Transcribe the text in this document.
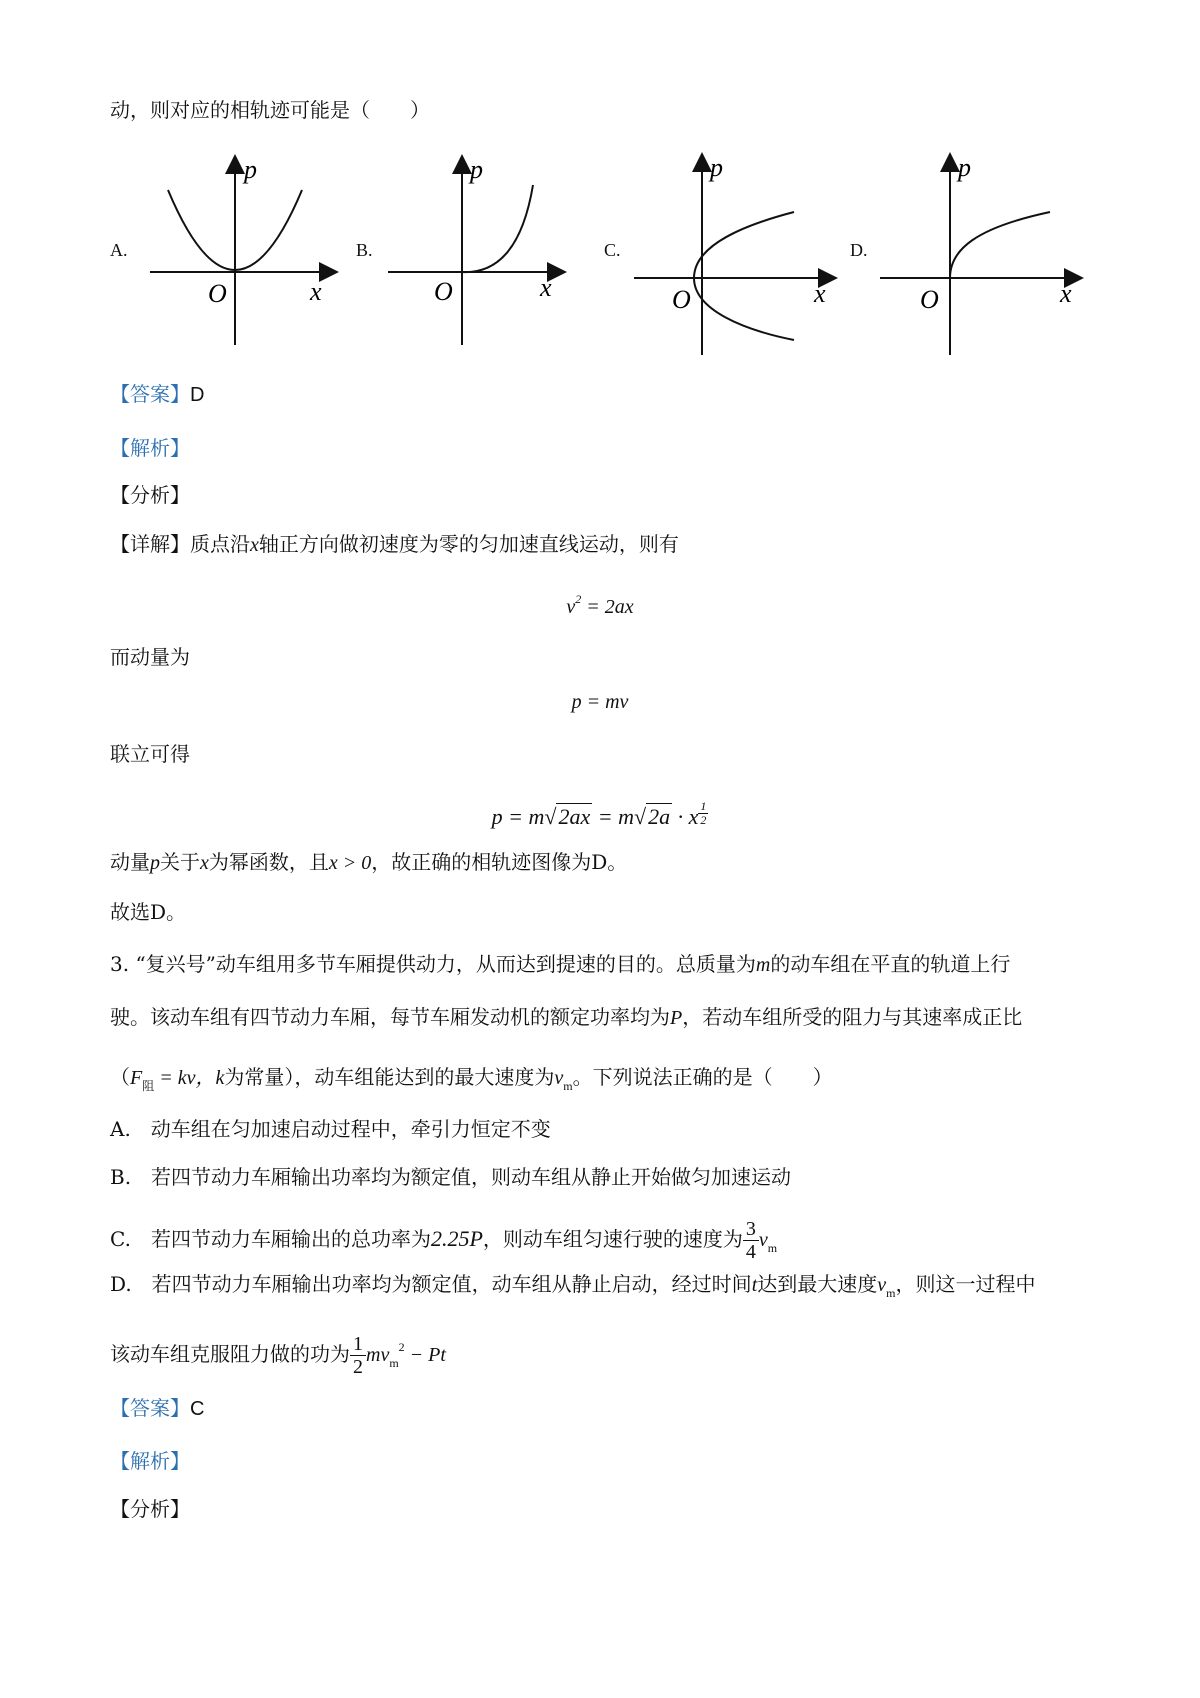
动，则对应的相轨迹可能是（　　）
A.	B.	C.	D.
p
x
O
p
x
O
p
x
O
p
x
O
【答案】D
【解析】
【分析】
【详解】质点沿x轴正方向做初速度为零的匀加速直线运动，则有
$v^2 = 2ax$
而动量为
p = mv
联立可得
p = m√2ax = m√2a · x $\frac{1}{2}$
动量p关于x为幂函数，且x > 0，故正确的相轨迹图像为D。
故选D。
3. “复兴号”动车组用多节车厢提供动力，从而达到提速的目的。总质量为m的动车组在平直的轨道上行
驶。该动车组有四节动力车厢，每节车厢发动机的额定功率均为P，若动车组所受的阻力与其速率成正比
（$F_阻$ = kv，k为常量），动车组能达到的最大速度为$v_m$。下列说法正确的是（　　）
A.　动车组在匀加速启动过程中，牵引力恒定不变
B.　若四节动力车厢输出功率均为额定值，则动车组从静止开始做匀加速运动
C.　若四节动力车厢输出的总功率为2.25P，则动车组匀速行驶的速度为 $\frac{3}{4} v_m$
D.　若四节动力车厢输出功率均为额定值，动车组从静止启动，经过时间t达到最大速度$v_m$，则这一过程中
该动车组克服阻力做的功为 $\frac{1}{2} mv_m^2 - Pt$
【答案】C
【解析】
【分析】
